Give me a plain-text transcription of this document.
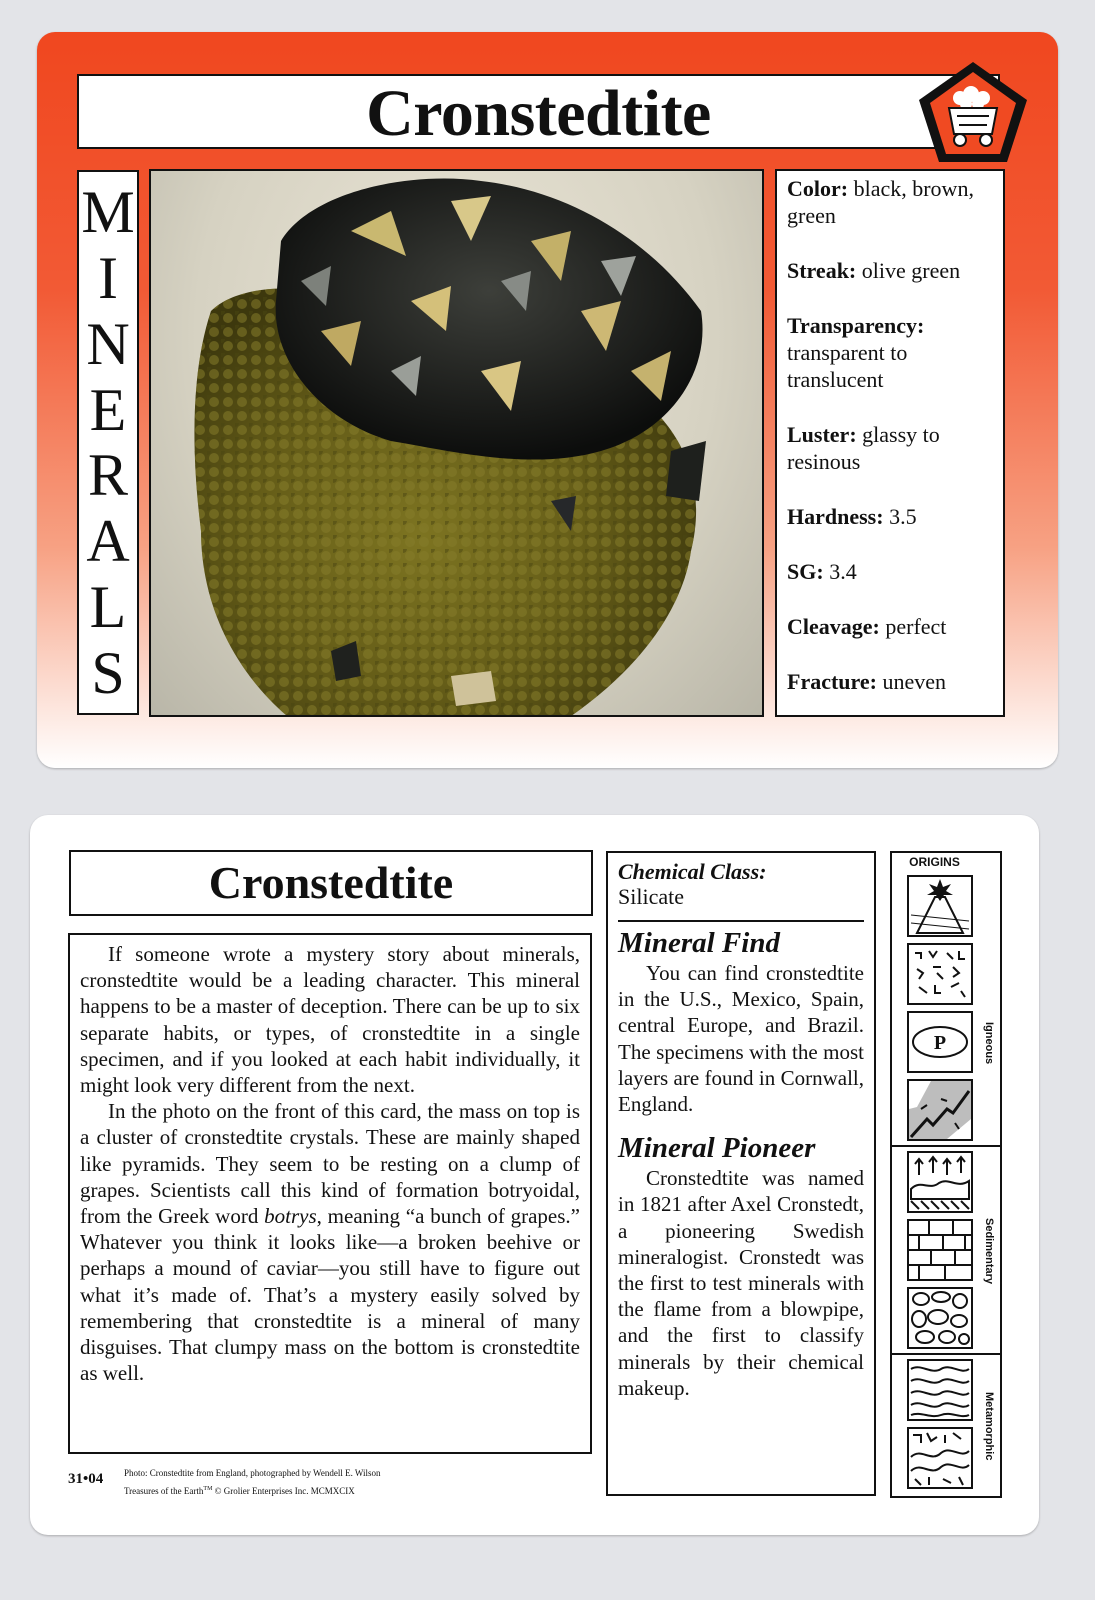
Cronstedtite
M
I
N
E
R
A
L
S
Color: black, brown, green
Streak: olive green
Transparency: transparent to translucent
Luster: glassy to resinous
Hardness: 3.5
SG: 3.4
Cleavage: perfect
Fracture: uneven
Cronstedtite

If someone wrote a mystery story about minerals, cronstedtite would be a leading character. This mineral happens to be a master of deception. There can be up to six separate habits, or types, of cronstedtite in a single specimen, and if you looked at each habit individually, it might look very different from the next.

In the photo on the front of this card, the mass on top is a cluster of cronstedtite crystals. These are mainly shaped like pyramids. They seem to be resting on a clump of grapes. Scientists call this kind of formation botryoidal, from the Greek word botrys, meaning “a bunch of grapes.” Whatever you think it looks like—a broken beehive or perhaps a mound of caviar—you still have to figure out what it’s made of. That’s a mystery easily solved by remembering that cronstedtite is a mineral of many disguises. That clumpy mass on the bottom is cronstedtite as well.

31•04 Photo: Cronstedtite from England, photographed by Wendell E. Wilson
Treasures of the Earth™ © Grolier Enterprises Inc. MCMXCIX
Chemical Class:
Silicate
Mineral Find
You can find cronstedtite in the U.S., Mexico, Spain, central Europe, and Brazil. The specimens with the most layers are found in Cornwall, England.
Mineral Pioneer
Cronstedtite was named in 1821 after Axel Cronstedt, a pioneering Swedish mineralogist. Cronstedt was the first to test minerals with the flame from a blowpipe, and the first to classify minerals by their chemical makeup.
ORIGINS
P	Igneous
Sedimentary
Metamorphic
